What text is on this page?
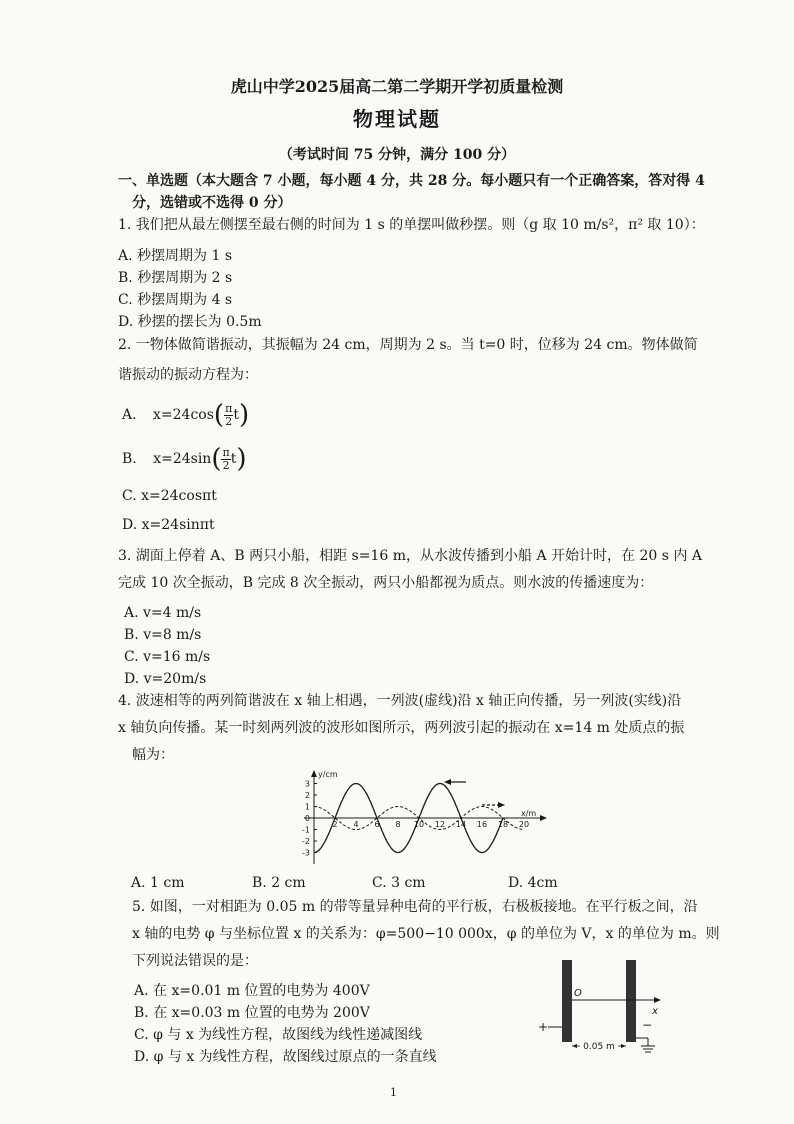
虎山中学2025届高二第二学期开学初质量检测
物理试题
（考试时间 75 分钟，满分 100 分）
一、单选题（本大题含 7 小题，每小题 4 分，共 28 分。每小题只有一个正确答案，答对得 4
分，选错或不选得 0 分）
1. 我们把从最左侧摆至最右侧的时间为 1 s 的单摆叫做秒摆。则（g 取 10 m/s²，π² 取 10）：
A. 秒摆周期为 1 s
B. 秒摆周期为 2 s
C. 秒摆周期为 4 s
D. 秒摆的摆长为 0.5m
2. 一物体做简谐振动，其振幅为 24 cm，周期为 2 s。当 t=0 时，位移为 24 cm。物体做简
谐振动的振动方程为：
A. $x=24\cos( \frac{\pi}{2} t)$
B. $x=24\sin( \frac{\pi}{2} t)$
C. x=24cosπt
D. x=24sinπt
3. 湖面上停着 A、B 两只小船，相距 s=16 m，从水波传播到小船 A 开始计时，在 20 s 内 A
完成 10 次全振动，B 完成 8 次全振动，两只小船都视为质点。则水波的传播速度为：
A. v=4 m/s
B. v=8 m/s
C. v=16 m/s
D. v=20m/s
4. 波速相等的两列简谐波在 x 轴上相遇，一列波(虚线)沿 x 轴正向传播，另一列波(实线)沿
x 轴负向传播。某一时刻两列波的波形如图所示，两列波引起的振动在 x=14 m 处质点的振
幅为：
y/cm
x/m
3
2
1
0
-1
-2
-3
2 4 6 8 10 12 14 16 18 20
A. 1 cm	B. 2 cm	C. 3 cm	D. 4cm
5. 如图，一对相距为 0.05 m 的带等量异种电荷的平行板，右极板接地。在平行板之间，沿
x 轴的电势 φ 与坐标位置 x 的关系为：φ=500−10 000x，φ 的单位为 V，x 的单位为 m。则
下列说法错误的是：
A. 在 x=0.01 m 位置的电势为 400V
B. 在 x=0.03 m 位置的电势为 200V
C. φ 与 x 为线性方程，故图线为线性递减图线
D. φ 与 x 为线性方程，故图线过原点的一条直线
O
x
+	−
0.05 m
1
